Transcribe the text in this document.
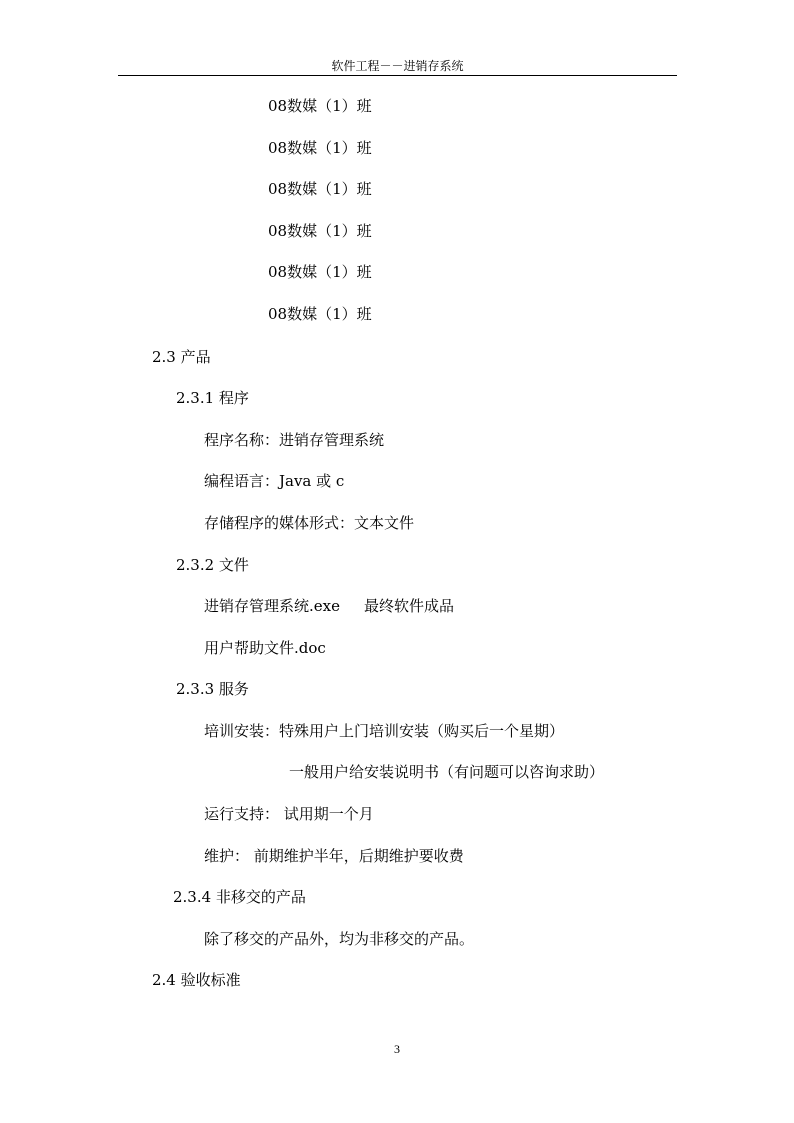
软件工程－－进销存系统
08数媒（1）班
08数媒（1）班
08数媒（1）班
08数媒（1）班
08数媒（1）班
08数媒（1）班
2.3 产品
2.3.1 程序
程序名称：进销存管理系统
编程语言：Java 或 c
存储程序的媒体形式：文本文件
2.3.2 文件
进销存管理系统.exe 最终软件成品
用户帮助文件.doc
2.3.3 服务
培训安装：特殊用户上门培训安装（购买后一个星期）
一般用户给安装说明书（有问题可以咨询求助）
运行支持： 试用期一个月
维护： 前期维护半年，后期维护要收费
2.3.4 非移交的产品
除了移交的产品外，均为非移交的产品。
2.4 验收标准
3
